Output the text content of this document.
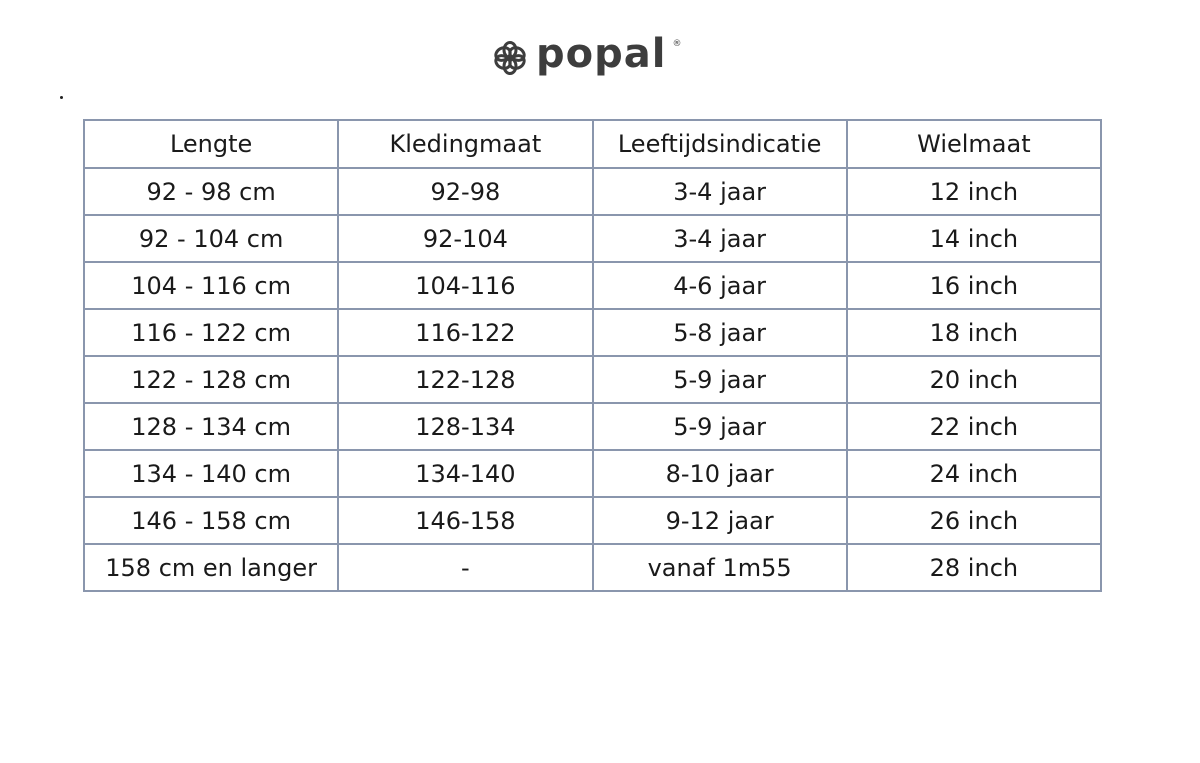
popal ®
Lengte	Kledingmaat	Leeftijdsindicatie	Wielmaat
92 - 98 cm	92-98	3-4 jaar	12 inch
92 - 104 cm	92-104	3-4 jaar	14 inch
104 - 116 cm	104-116	4-6 jaar	16 inch
116 - 122 cm	116-122	5-8 jaar	18 inch
122 - 128 cm	122-128	5-9 jaar	20 inch
128 - 134 cm	128-134	5-9 jaar	22 inch
134 - 140 cm	134-140	8-10 jaar	24 inch
146 - 158 cm	146-158	9-12 jaar	26 inch
158 cm en langer	-	vanaf 1m55	28 inch
